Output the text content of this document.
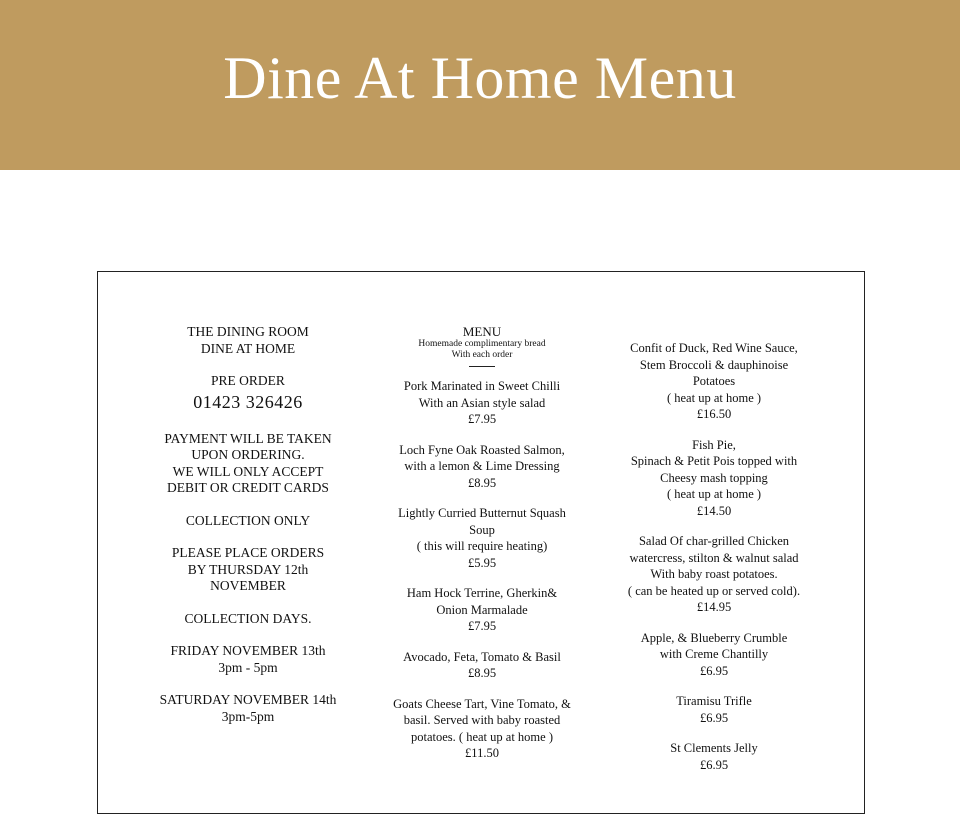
Dine At Home Menu
THE DINING ROOM
DINE AT HOME
PRE ORDER
01423 326426
PAYMENT WILL BE TAKEN
UPON ORDERING.
WE WILL ONLY ACCEPT
DEBIT OR CREDIT CARDS
COLLECTION ONLY
PLEASE PLACE ORDERS
BY THURSDAY 12th
NOVEMBER
COLLECTION DAYS.
FRIDAY NOVEMBER 13th
3pm - 5pm
SATURDAY NOVEMBER 14th
3pm-5pm
MENU
Homemade complimentary bread
With each order
Pork Marinated in Sweet Chilli
With an Asian style salad
£7.95
Loch Fyne Oak Roasted Salmon,
with a lemon & Lime Dressing
£8.95
Lightly Curried Butternut Squash
Soup
( this will require heating)
£5.95
Ham Hock Terrine, Gherkin&
Onion Marmalade
£7.95
Avocado, Feta, Tomato & Basil
£8.95
Goats Cheese Tart, Vine Tomato, &
basil. Served with baby roasted
potatoes. ( heat up at home )
£11.50
Confit of Duck, Red Wine Sauce,
Stem Broccoli & dauphinoise
Potatoes
( heat up at home )
£16.50
Fish Pie,
Spinach & Petit Pois topped with
Cheesy mash topping
( heat up at home )
£14.50
Salad Of char-grilled Chicken
watercress, stilton & walnut salad
With baby roast potatoes.
( can be heated up or served cold).
£14.95
Apple, & Blueberry Crumble
with Creme Chantilly
£6.95
Tiramisu Trifle
£6.95
St Clements Jelly
£6.95
